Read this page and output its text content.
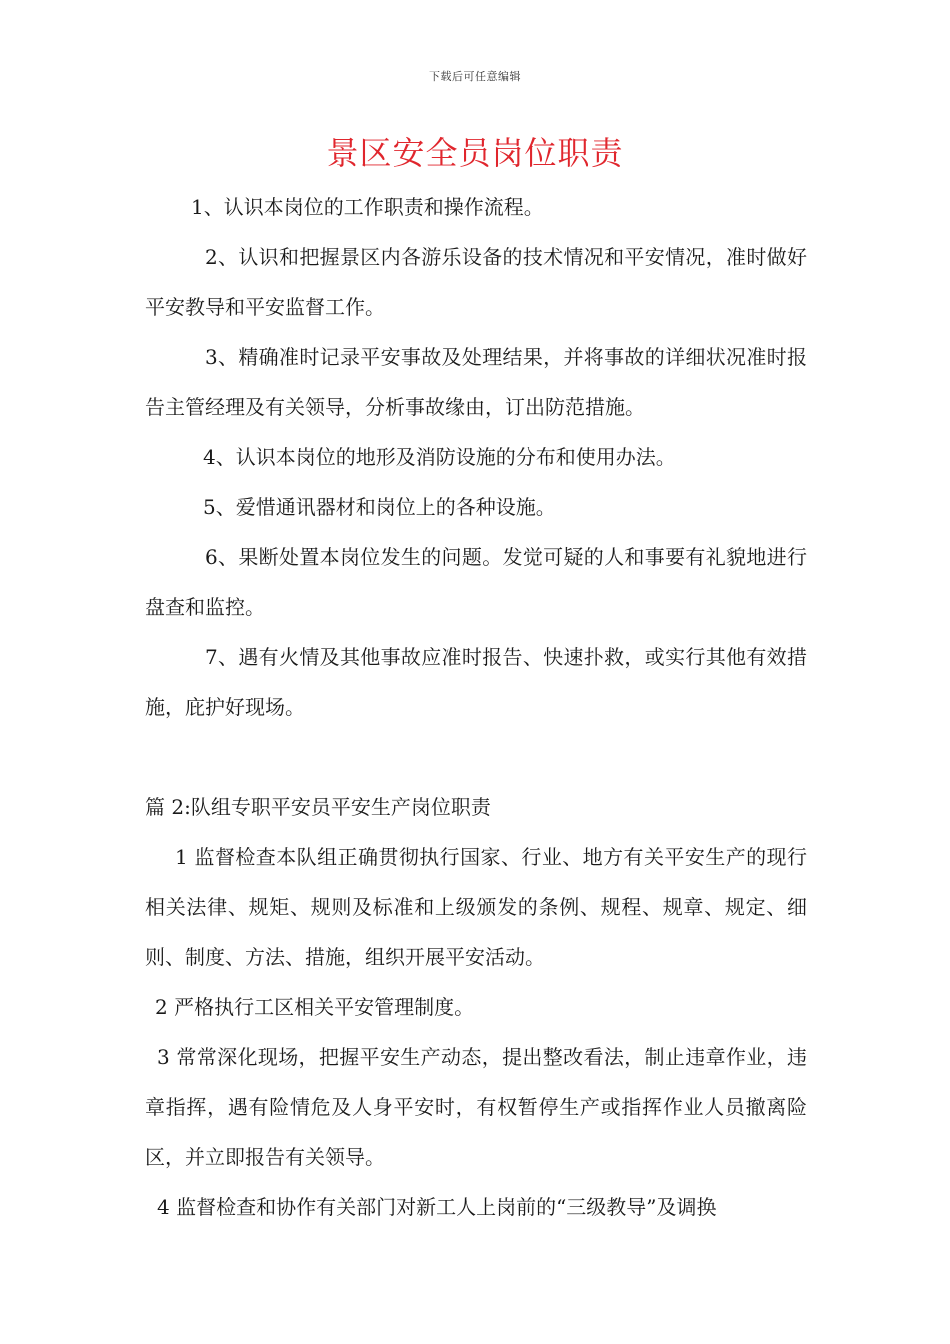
下载后可任意编辑
景区安全员岗位职责

1、认识本岗位的工作职责和操作流程。

2、认识和把握景区内各游乐设备的技术情况和平安情况，准时做好平安教导和平安监督工作。

3、精确准时记录平安事故及处理结果，并将事故的详细状况准时报告主管经理及有关领导，分析事故缘由，订出防范措施。

4、认识本岗位的地形及消防设施的分布和使用办法。

5、爱惜通讯器材和岗位上的各种设施。

6、果断处置本岗位发生的问题。发觉可疑的人和事要有礼貌地进行盘查和监控。

7、遇有火情及其他事故应准时报告、快速扑救，或实行其他有效措施，庇护好现场。

篇 2:队组专职平安员平安生产岗位职责

1 监督检查本队组正确贯彻执行国家、行业、地方有关平安生产的现行相关法律、规矩、规则及标准和上级颁发的条例、规程、规章、规定、细则、制度、方法、措施，组织开展平安活动。

2 严格执行工区相关平安管理制度。

3 常常深化现场，把握平安生产动态，提出整改看法，制止违章作业，违章指挥，遇有险情危及人身平安时，有权暂停生产或指挥作业人员撤离险区，并立即报告有关领导。

4 监督检查和协作有关部门对新工人上岗前的“三级教导”及调换
